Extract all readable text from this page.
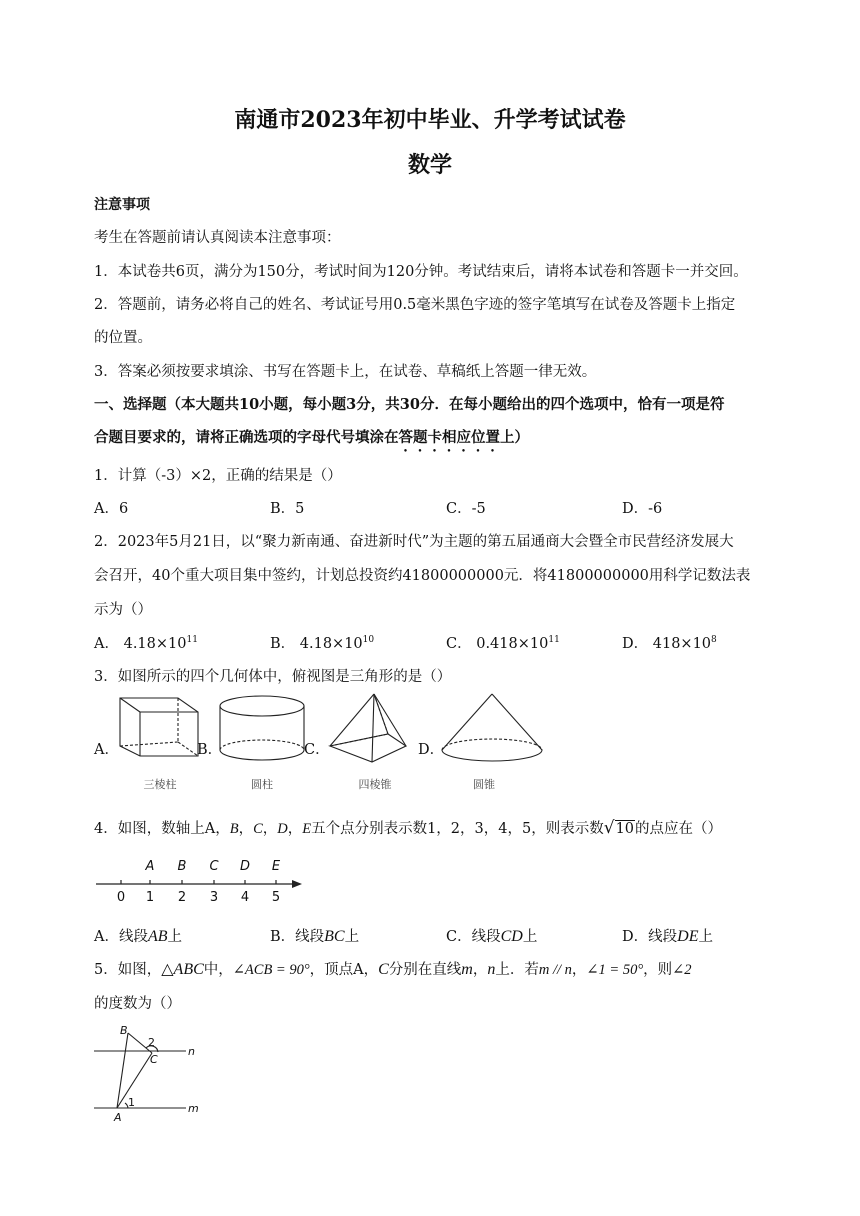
南通市2023年初中毕业、升学考试试卷
数学
注意事项
考生在答题前请认真阅读本注意事项：
1．本试卷共6页，满分为150分，考试时间为120分钟。考试结束后，请将本试卷和答题卡一并交回。
2．答题前，请务必将自己的姓名、考试证号用0.5毫米黑色字迹的签字笔填写在试卷及答题卡上指定
的位置。
3．答案必须按要求填涂、书写在答题卡上，在试卷、草稿纸上答题一律无效。
一、选择题（本大题共10小题，每小题3分，共30分．在每小题给出的四个选项中，恰有一项是符
合题目要求的，请将正确选项的字母代号填涂在答题卡相应位置上）
1．计算（-3）×2，正确的结果是（）
A．6	B．5	C．-5	D．-6
2．2023年5月21日，以“聚力新南通、奋进新时代”为主题的第五届通商大会暨全市民营经济发展大
会召开，40个重大项目集中签约，计划总投资约41800000000元．将41800000000用科学记数法表
示为（）
A． $4.18\times 10^{11}$	B． $4.18\times 10^{10}$	C． $0.418\times 10^{11}$	D． $418\times 10^8$
3．如图所示的四个几何体中，俯视图是三角形的是（）
A．	B．	C．	D．
三棱柱	圆柱	四棱锥	圆锥
4．如图，数轴上A，B，C，D，E五个点分别表示数1，2，3，4，5，则表示数√10的点应在（）
A B C D E
0 1 2 3 4 5
A．线段AB上	B．线段BC上	C．线段CD上	D．线段DE上
5．如图，△ABC中，∠ACB = 90°，顶点A，C分别在直线m，n上．若m // n，∠1 = 50°，则∠2
的度数为（）
B
C
A
n
m
2
1
